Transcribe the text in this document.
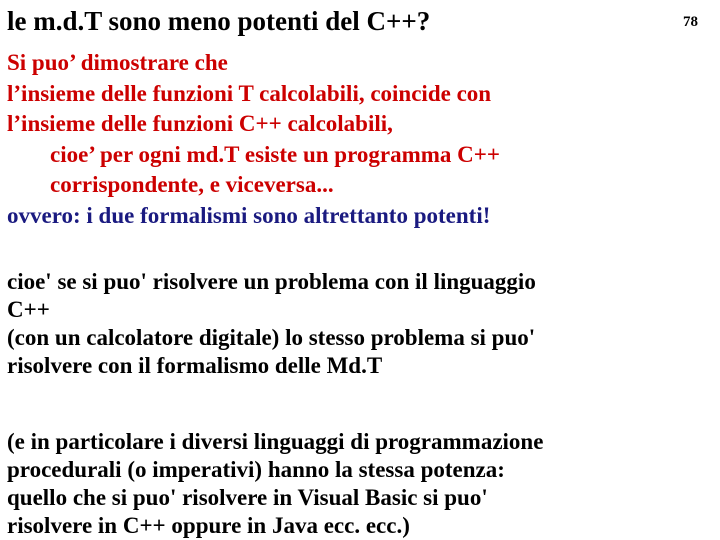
le m.d.T sono meno potenti del C++?	78
Si puo’ dimostrare che
l’insieme delle funzioni T calcolabili, coincide con
l’insieme delle funzioni C++ calcolabili,
cioe’ per ogni md.T esiste un programma C++
corrispondente, e viceversa...
ovvero: i due formalismi sono altrettanto potenti!
cioe' se si puo' risolvere un problema con il linguaggio
C++
(con un calcolatore digitale) lo stesso problema si puo'
risolvere con il formalismo delle Md.T
(e in particolare i diversi linguaggi di programmazione
procedurali (o imperativi) hanno la stessa potenza:
quello che si puo' risolvere in Visual Basic si puo'
risolvere in C++ oppure in Java ecc. ecc.)
